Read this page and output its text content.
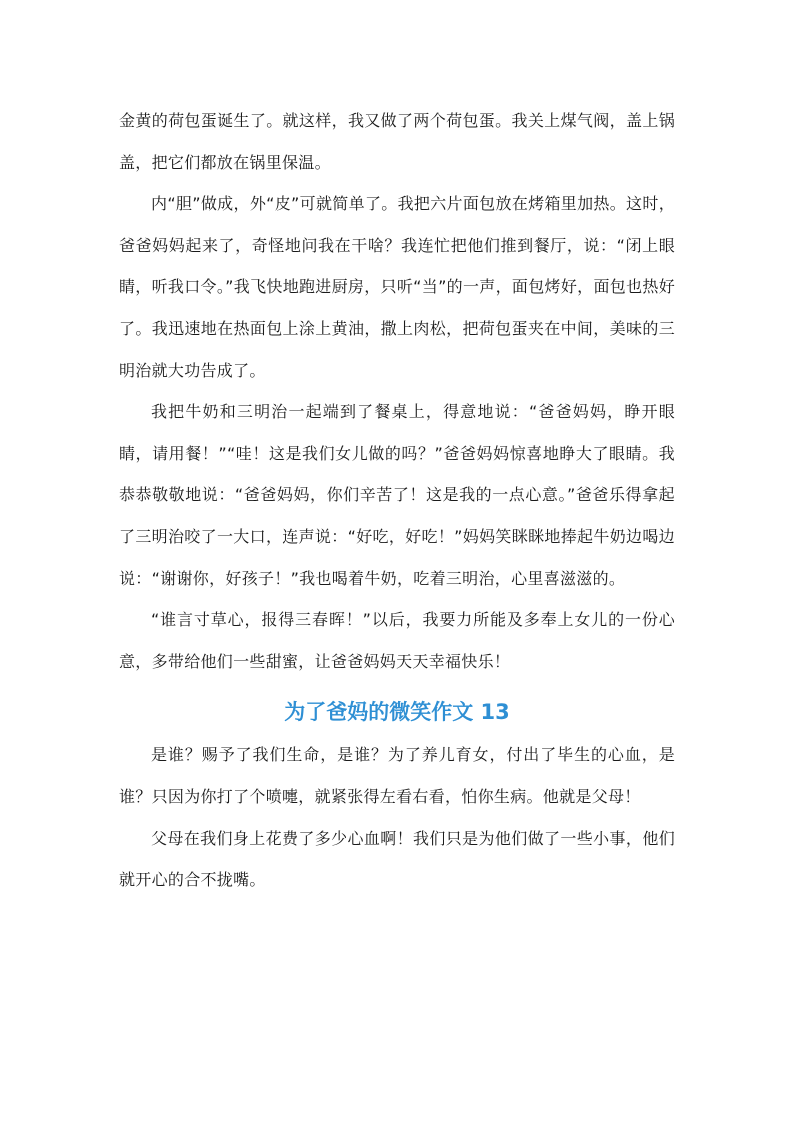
金黄的荷包蛋诞生了。就这样，我又做了两个荷包蛋。我关上煤气阀，盖上锅盖，把它们都放在锅里保温。

内“胆”做成，外“皮”可就简单了。我把六片面包放在烤箱里加热。这时，爸爸妈妈起来了，奇怪地问我在干啥？我连忙把他们推到餐厅，说：“闭上眼睛，听我口令。”我飞快地跑进厨房，只听“当”的一声，面包烤好，面包也热好了。我迅速地在热面包上涂上黄油，撒上肉松，把荷包蛋夹在中间，美味的三明治就大功告成了。

我把牛奶和三明治一起端到了餐桌上，得意地说：“爸爸妈妈，睁开眼睛，请用餐！”“哇！这是我们女儿做的吗？”爸爸妈妈惊喜地睁大了眼睛。我恭恭敬敬地说：“爸爸妈妈，你们辛苦了！这是我的一点心意。”爸爸乐得拿起了三明治咬了一大口，连声说：“好吃，好吃！”妈妈笑眯眯地捧起牛奶边喝边说：“谢谢你，好孩子！”我也喝着牛奶，吃着三明治，心里喜滋滋的。

“谁言寸草心，报得三春晖！”以后，我要力所能及多奉上女儿的一份心意，多带给他们一些甜蜜，让爸爸妈妈天天幸福快乐！

为了爸妈的微笑作文 13

是谁？赐予了我们生命，是谁？为了养儿育女，付出了毕生的心血，是谁？只因为你打了个喷嚏，就紧张得左看右看，怕你生病。他就是父母！

父母在我们身上花费了多少心血啊！我们只是为他们做了一些小事，他们就开心的合不拢嘴。
